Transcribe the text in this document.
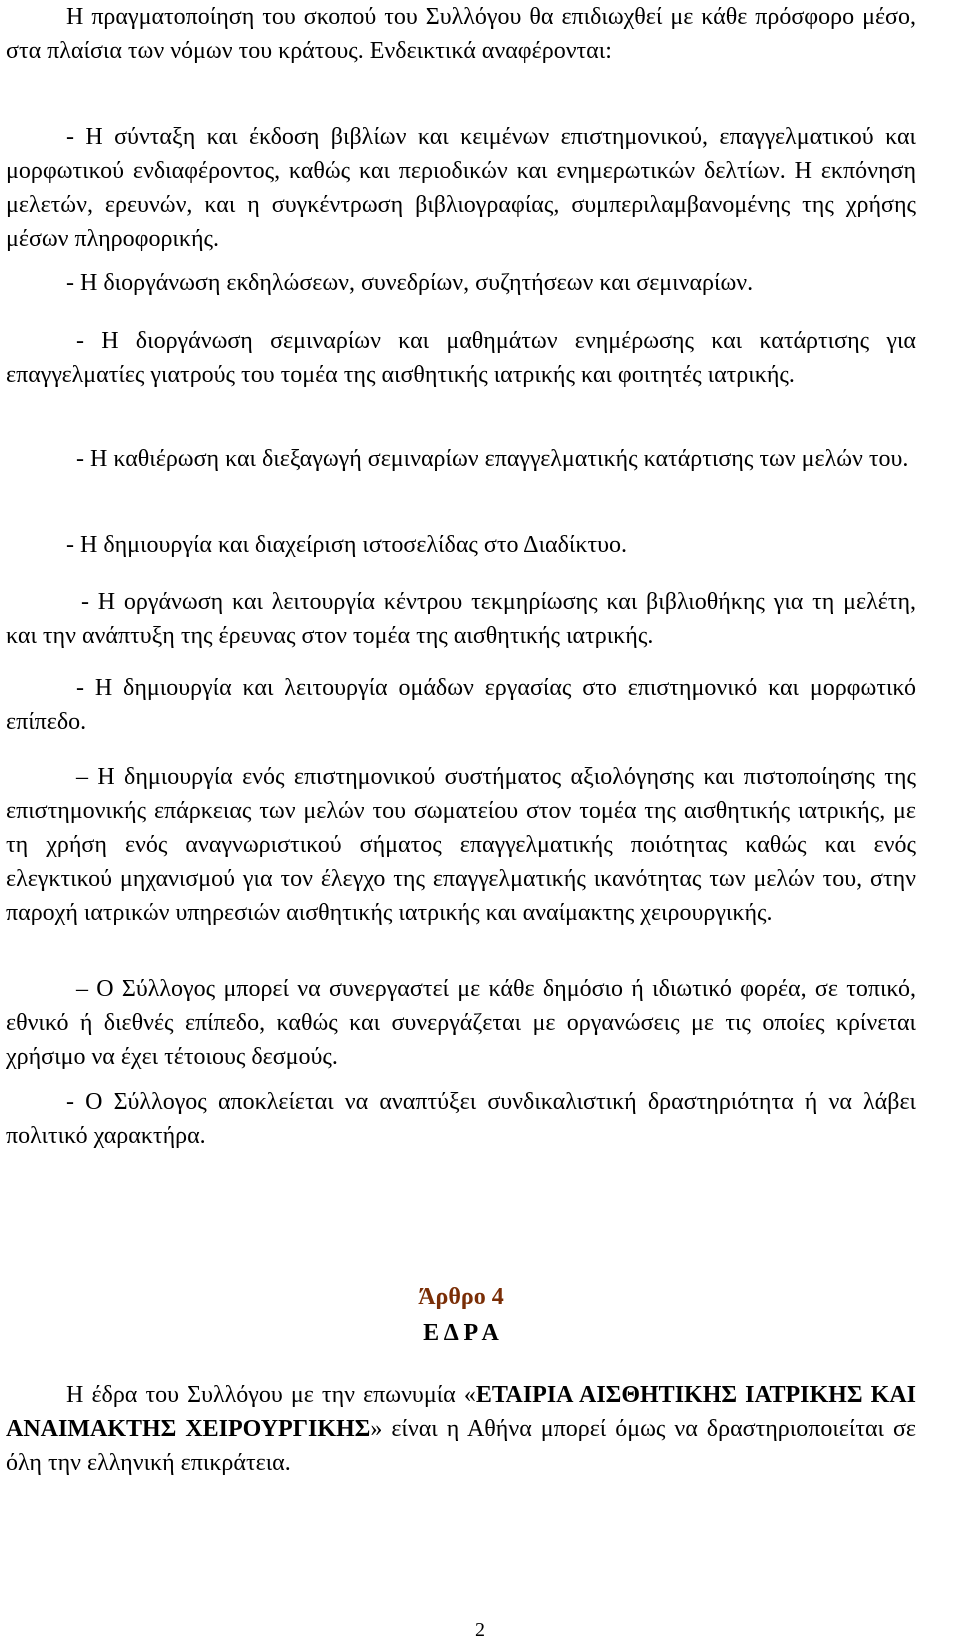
Η πραγματοποίηση του σκοπού του Συλλόγου θα επιδιωχθεί με κάθε πρόσφορο μέσο, στα πλαίσια των νόμων του κράτους. Ενδεικτικά αναφέρονται:

- Η σύνταξη και έκδοση βιβλίων και κειμένων επιστημονικού, επαγγελματικού και μορφωτικού ενδιαφέροντος, καθώς και περιοδικών και ενημερωτικών δελτίων. Η εκπόνηση μελετών, ερευνών, και η συγκέντρωση βιβλιογραφίας, συμπεριλαμβανομένης της χρήσης μέσων πληροφορικής.

- Η διοργάνωση εκδηλώσεων, συνεδρίων, συζητήσεων και σεμιναρίων.

- Η διοργάνωση σεμιναρίων και μαθημάτων ενημέρωσης και κατάρτισης για επαγγελματίες γιατρούς του τομέα της αισθητικής ιατρικής και φοιτητές ιατρικής.

- Η καθιέρωση και διεξαγωγή σεμιναρίων επαγγελματικής κατάρτισης των μελών του.

- Η δημιουργία και διαχείριση ιστοσελίδας στο Διαδίκτυο.

- Η οργάνωση και λειτουργία κέντρου τεκμηρίωσης και βιβλιοθήκης για τη μελέτη, και την ανάπτυξη της έρευνας στον τομέα της αισθητικής ιατρικής.

- Η δημιουργία και λειτουργία ομάδων εργασίας στο επιστημονικό και μορφωτικό επίπεδο.

– Η δημιουργία ενός επιστημονικού συστήματος αξιολόγησης και πιστοποίησης της επιστημονικής επάρκειας των μελών του σωματείου στον τομέα της αισθητικής ιατρικής, με τη χρήση ενός αναγνωριστικού σήματος επαγγελματικής ποιότητας καθώς και ενός ελεγκτικού μηχανισμού για τον έλεγχο της επαγγελματικής ικανότητας των μελών του, στην παροχή ιατρικών υπηρεσιών αισθητικής ιατρικής και αναίμακτης χειρουργικής.

– Ο Σύλλογος μπορεί να συνεργαστεί με κάθε δημόσιο ή ιδιωτικό φορέα, σε τοπικό, εθνικό ή διεθνές επίπεδο, καθώς και συνεργάζεται με οργανώσεις με τις οποίες κρίνεται χρήσιμο να έχει τέτοιους δεσμούς.

- Ο Σύλλογος αποκλείεται να αναπτύξει συνδικαλιστική δραστηριότητα ή να λάβει πολιτικό χαρακτήρα.

Άρθρο 4

Ε Δ Ρ Α

Η έδρα του Συλλόγου με την επωνυμία «ΕΤΑΙΡΙΑ ΑΙΣΘΗΤΙΚΗΣ ΙΑΤΡΙΚΗΣ ΚΑΙ ΑΝΑΙΜΑΚΤΗΣ ΧΕΙΡΟΥΡΓΙΚΗΣ» είναι η Αθήνα μπορεί όμως να δραστηριοποιείται σε όλη την ελληνική επικράτεια.

2
